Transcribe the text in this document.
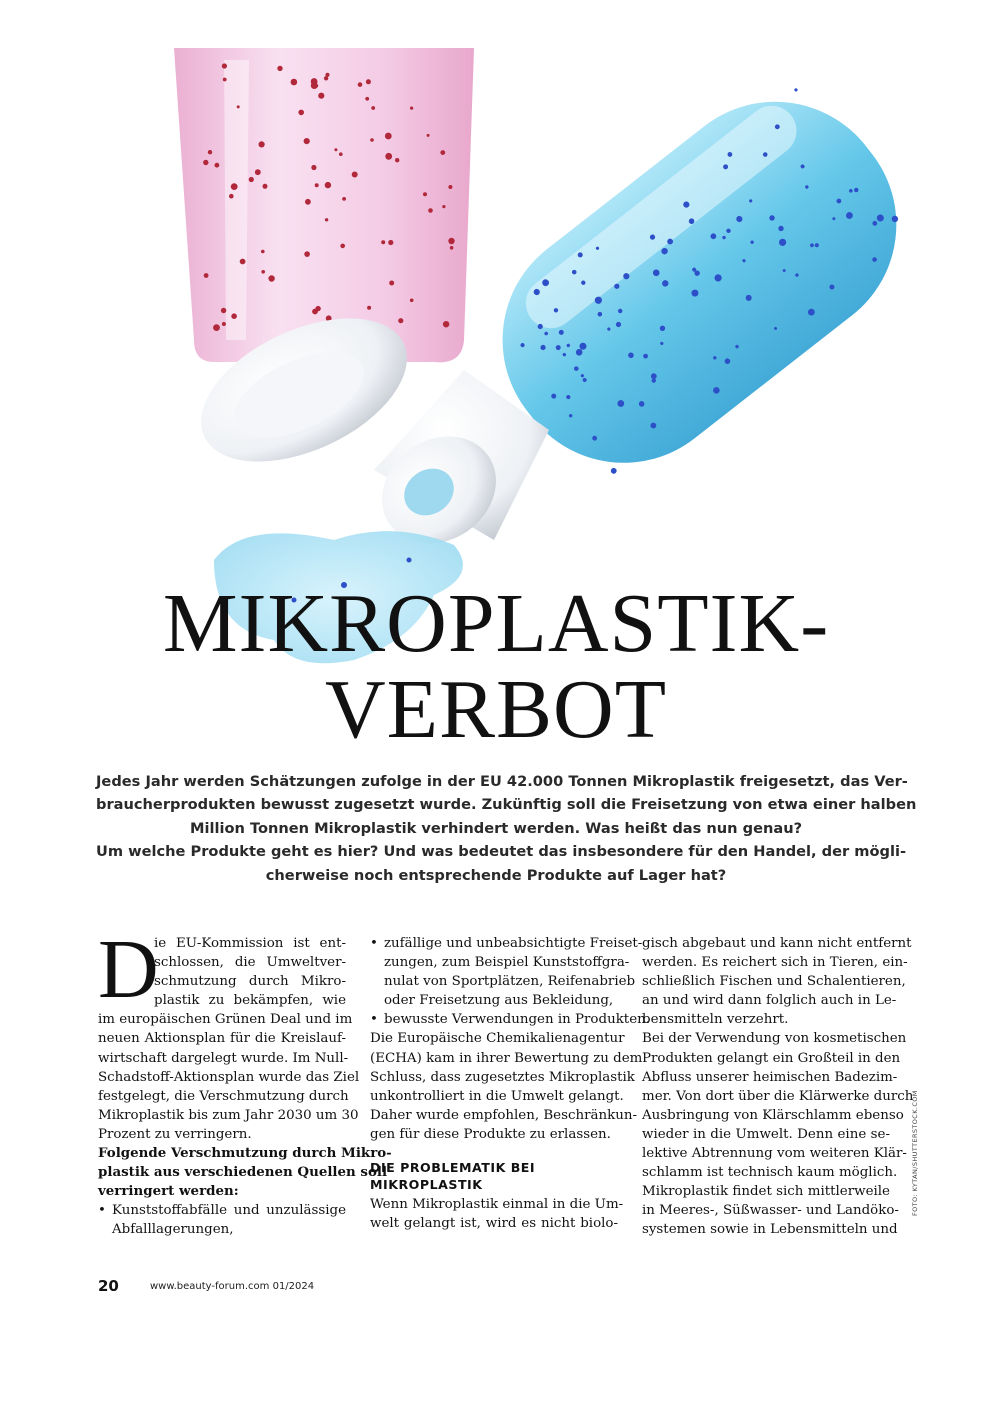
MIKROPLASTIK-
VERBOT
Jedes Jahr werden Schätzungen zufolge in der EU 42.000 Tonnen Mikroplastik freigesetzt, das Ver-
braucherprodukten bewusst zugesetzt wurde. Zukünftig soll die Freisetzung von etwa einer halben
Million Tonnen Mikroplastik verhindert werden. Was heißt das nun genau?
Um welche Produkte geht es hier? Und was bedeutet das insbesondere für den Handel, der mögli-
cherweise noch entsprechende Produkte auf Lager hat?
D
ie EU-Kommission ist ent-
schlossen, die Umweltver-
schmutzung durch Mikro-
plastik zu bekämpfen, wie
im europäischen Grünen Deal und im
neuen Aktionsplan für die Kreislauf-
wirtschaft dargelegt wurde. Im Null-
Schadstoff-Aktionsplan wurde das Ziel
festgelegt, die Verschmutzung durch
Mikroplastik bis zum Jahr 2030 um 30
Prozent zu verringern.
Folgende Verschmutzung durch Mikro-
plastik aus verschiedenen Quellen soll
verringert werden:
• Kunststoffabfälle und unzulässige
Abfalllagerungen,
• zufällige und unbeabsichtigte Freiset-
zungen, zum Beispiel Kunststoffgra-
nulat von Sportplätzen, Reifenabrieb
oder Freisetzung aus Bekleidung,
• bewusste Verwendungen in Produkten.
Die Europäische Chemikalienagentur
(ECHA) kam in ihrer Bewertung zu dem
Schluss, dass zugesetztes Mikroplastik
unkontrolliert in die Umwelt gelangt.
Daher wurde empfohlen, Beschränkun-
gen für diese Produkte zu erlassen.
DIE PROBLEMATIK BEI
MIKROPLASTIK
Wenn Mikroplastik einmal in die Um-
welt gelangt ist, wird es nicht biolo-
gisch abgebaut und kann nicht entfernt
werden. Es reichert sich in Tieren, ein-
schließlich Fischen und Schalentieren,
an und wird dann folglich auch in Le-
bensmitteln verzehrt.
Bei der Verwendung von kosmetischen
Produkten gelangt ein Großteil in den
Abfluss unserer heimischen Badezim-
mer. Von dort über die Klärwerke durch
Ausbringung von Klärschlamm ebenso
wieder in die Umwelt. Denn eine se-
lektive Abtrennung vom weiteren Klär-
schlamm ist technisch kaum möglich.
Mikroplastik findet sich mittlerweile
in Meeres-, Süßwasser- und Landöko-
systemen sowie in Lebensmitteln und
20	www.beauty-forum.com 01/2024
FOTO: KYTAN/SHUTTERSTOCK.COM
